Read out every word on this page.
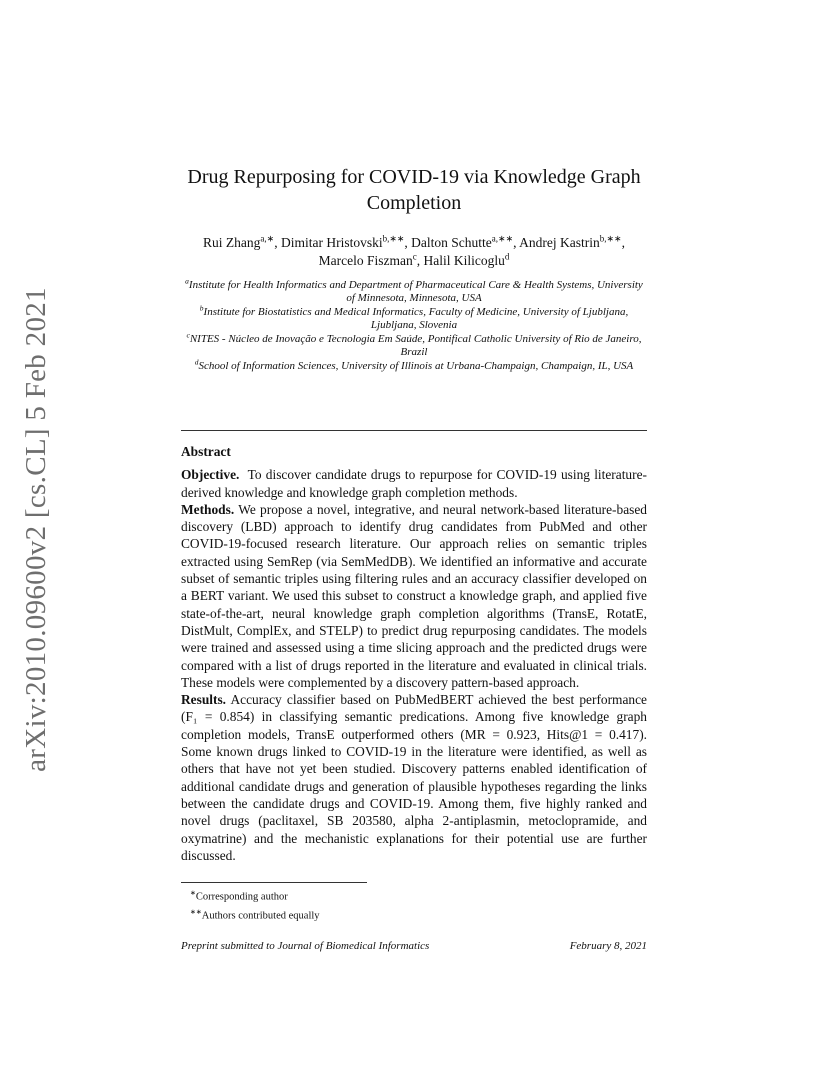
arXiv:2010.09600v2 [cs.CL] 5 Feb 2021
Drug Repurposing for COVID-19 via Knowledge Graph Completion
Rui Zhang$^{a,∗}$, Dimitar Hristovski$^{b,∗∗}$, Dalton Schutte$^{a,∗∗}$, Andrej Kastrin$^{b,∗∗}$,
Marcelo Fiszman$^c$, Halil Kilicoglu$^d$
$^a$Institute for Health Informatics and Department of Pharmaceutical Care & Health Systems, University of Minnesota, Minnesota, USA
$^b$Institute for Biostatistics and Medical Informatics, Faculty of Medicine, University of Ljubljana, Ljubljana, Slovenia
$^c$NITES - Núcleo de Inovação e Tecnologia Em Saúde, Pontifical Catholic University of Rio de Janeiro, Brazil
$^d$School of Information Sciences, University of Illinois at Urbana-Champaign, Champaign, IL, USA
Abstract

Objective. To discover candidate drugs to repurpose for COVID-19 using literature-derived knowledge and knowledge graph completion methods.

Methods. We propose a novel, integrative, and neural network-based literature-based discovery (LBD) approach to identify drug candidates from PubMed and other COVID-19-focused research literature. Our approach relies on semantic triples extracted using SemRep (via SemMedDB). We identified an informative and accurate subset of semantic triples using filtering rules and an accuracy classifier developed on a BERT variant. We used this subset to construct a knowledge graph, and applied five state-of-the-art, neural knowledge graph completion algorithms (TransE, RotatE, DistMult, ComplEx, and STELP) to predict drug repurposing candidates. The models were trained and assessed using a time slicing approach and the predicted drugs were compared with a list of drugs reported in the literature and evaluated in clinical trials. These models were complemented by a discovery pattern-based approach.

Results. Accuracy classifier based on PubMedBERT achieved the best performance (F₁ = 0.854) in classifying semantic predications. Among five knowledge graph completion models, TransE outperformed others (MR = 0.923, Hits@1 = 0.417). Some known drugs linked to COVID-19 in the literature were identified, as well as others that have not yet been studied. Discovery patterns enabled identification of additional candidate drugs and generation of plausible hypotheses regarding the links between the candidate drugs and COVID-19. Among them, five highly ranked and novel drugs (paclitaxel, SB 203580, alpha 2-antiplasmin, metoclopramide, and oxymatrine) and the mechanistic explanations for their potential use are further discussed.

∗Corresponding author
∗∗Authors contributed equally
Preprint submitted to Journal of Biomedical Informatics	February 8, 2021
